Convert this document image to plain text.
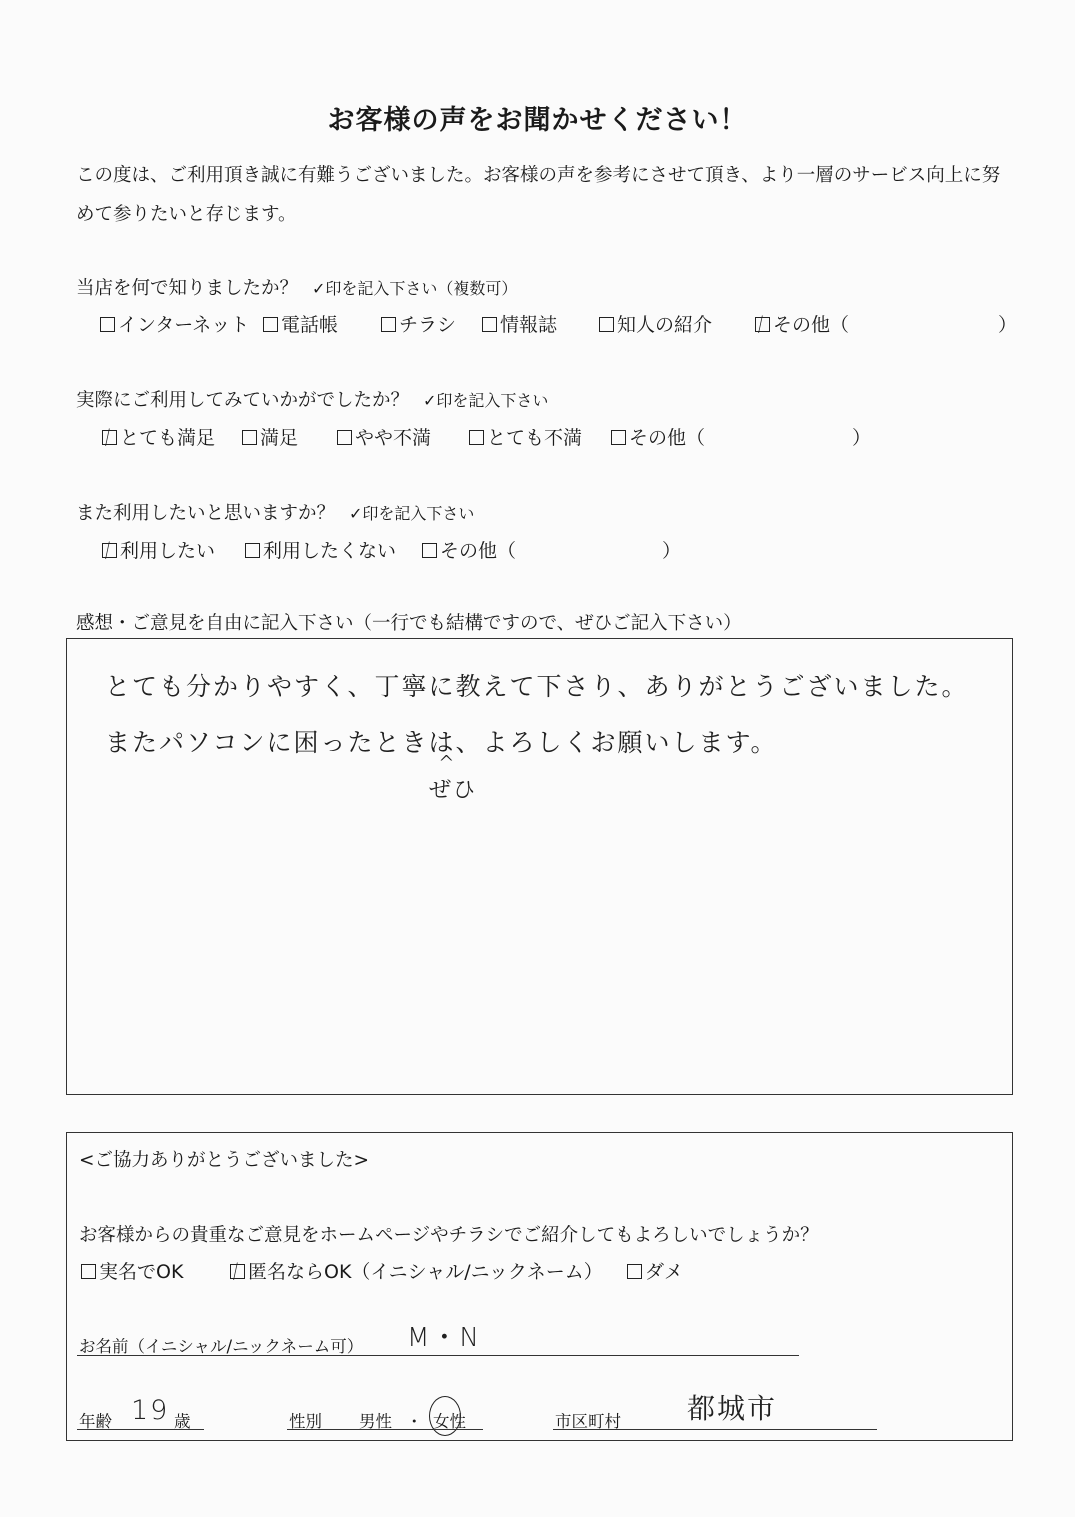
お客様の声をお聞かせください！
この度は、ご利用頂き誠に有難うございました。お客様の声を参考にさせて頂き、より一層のサービス向上に努めて参りたいと存じます。
当店を何で知りましたか？ ✓印を記入下さい（複数可）
インターネット	電話帳	チラシ	情報誌	知人の紹介 / その他（	）
実際にご利用してみていかがでしたか？ ✓印を記入下さい
/ とても満足	満足	やや不満	とても不満	その他（	）
また利用したいと思いますか？ ✓印を記入下さい
/ 利用したい	利用したくない	その他（	）
感想・ご意見を自由に記入下さい（一行でも結構ですので、ぜひご記入下さい）
とても分かりやすく、丁寧に教えて下さり、ありがとうございました。
またパソコンに困ったときは、よろしくお願いします。
^
ぜひ
<ご協力ありがとうございました>
お客様からの貴重なご意見をホームページやチラシでご紹介してもよろしいでしょうか？
実名でOK / 匿名ならOK（イニシャル/ニックネーム）	ダメ
お名前（イニシャル/ニックネーム可） M・N
年齢 19 歳	性別 男性 ・ 女性	市区町村 都城市
